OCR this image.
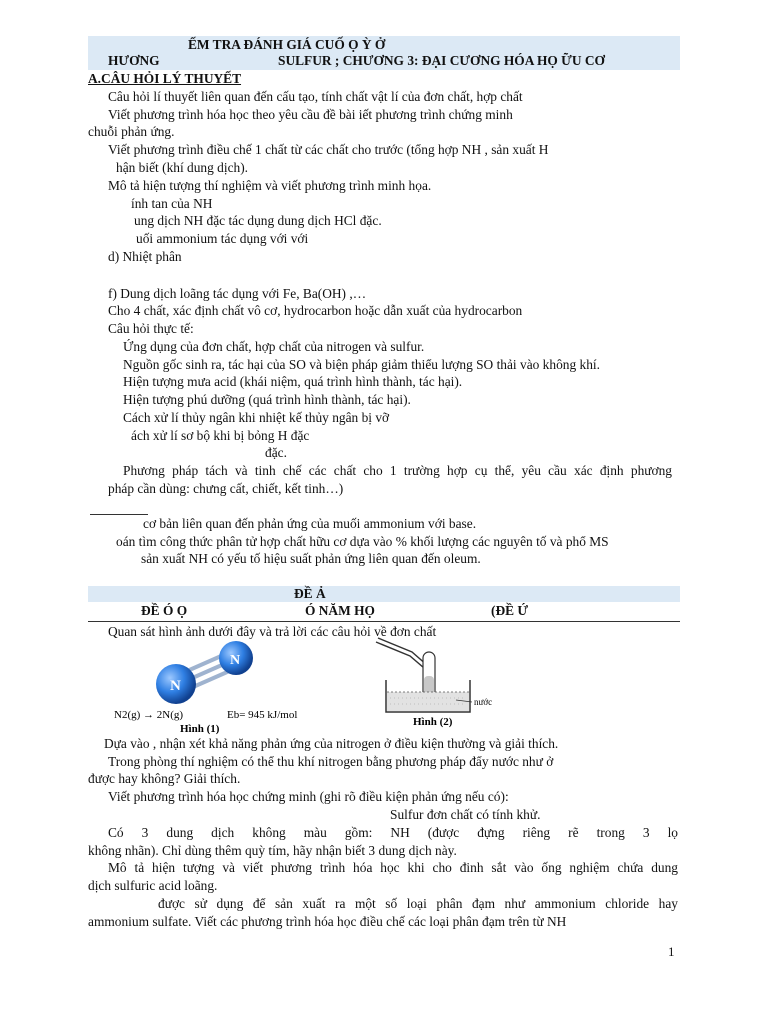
ẾM TRA ĐÁNH GIÁ CUỐ Ọ Ỳ Ở
HƯƠNG	SULFUR ; CHƯƠNG 3: ĐẠI CƯƠNG HÓA HỌ ỮU CƠ
A.CÂU HỎI LÝ THUYẾT
Câu hỏi lí thuyết liên quan đến cấu tạo, tính chất vật lí của đơn chất, hợp chất
Viết phương trình hóa học theo yêu cầu đề bài iết phương trình chứng minh
chuỗi phản ứng.
Viết phương trình điều chế 1 chất từ các chất cho trước (tổng hợp NH , sản xuất H
hận biết (khí dung dịch).
Mô tả hiện tượng thí nghiệm và viết phương trình minh họa.
ính tan của NH
ung dịch NH đặc tác dụng dung dịch HCl đặc.
uối ammonium tác dụng với với
d) Nhiệt phân
f) Dung dịch loãng tác dụng với Fe, Ba(OH) ,…
Cho 4 chất, xác định chất vô cơ, hydrocarbon hoặc dẫn xuất của hydrocarbon
Câu hỏi thực tế:
Ứng dụng của đơn chất, hợp chất của nitrogen và sulfur.
Nguồn gốc sinh ra, tác hại của SO và biện pháp giảm thiểu lượng SO thải vào không khí.
Hiện tượng mưa acid (khái niệm, quá trình hình thành, tác hại).
Hiện tượng phú dưỡng (quá trình hình thành, tác hại).
Cách xử lí thủy ngân khi nhiệt kế thủy ngân bị vỡ
ách xử lí sơ bộ khi bị bỏng H đặc
đặc.
Phương pháp tách và tinh chế các chất cho 1 trường hợp cụ thể, yêu cầu xác định phương
pháp cần dùng: chưng cất, chiết, kết tinh…)
cơ bản liên quan đến phản ứng của muối ammonium với base.
oán tìm công thức phân tử hợp chất hữu cơ dựa vào % khối lượng các nguyên tố và phổ MS
sản xuất NH có yếu tố hiệu suất phản ứng liên quan đến oleum.
ĐỀ Ả
ĐỀ Ó Ọ	Ó NĂM HỌ	(ĐỀ Ứ
Quan sát hình ảnh dưới đây và trả lời các câu hỏi về đơn chất
N
N
N2(g) → 2N(g)	Eb= 945 kJ/mol
Hình (1)
nước
Hình (2)
Dựa vào , nhận xét khả năng phản ứng của nitrogen ở điều kiện thường và giải thích.
Trong phòng thí nghiệm có thể thu khí nitrogen bằng phương pháp đẩy nước như ở
được hay không? Giải thích.
Viết phương trình hóa học chứng minh (ghi rõ điều kiện phản ứng nếu có):
Sulfur đơn chất có tính khử.
Có 3 dung dịch không màu gồm: NH (được đựng riêng rẽ trong 3 lọ
không nhãn). Chỉ dùng thêm quỳ tím, hãy nhận biết 3 dung dịch này.
Mô tả hiện tượng và viết phương trình hóa học khi cho đinh sắt vào ống nghiệm chứa dung
dịch sulfuric acid loãng.
được sử dụng để sản xuất ra một số loại phân đạm như ammonium chloride hay
ammonium sulfate. Viết các phương trình hóa học điều chế các loại phân đạm trên từ NH
1
